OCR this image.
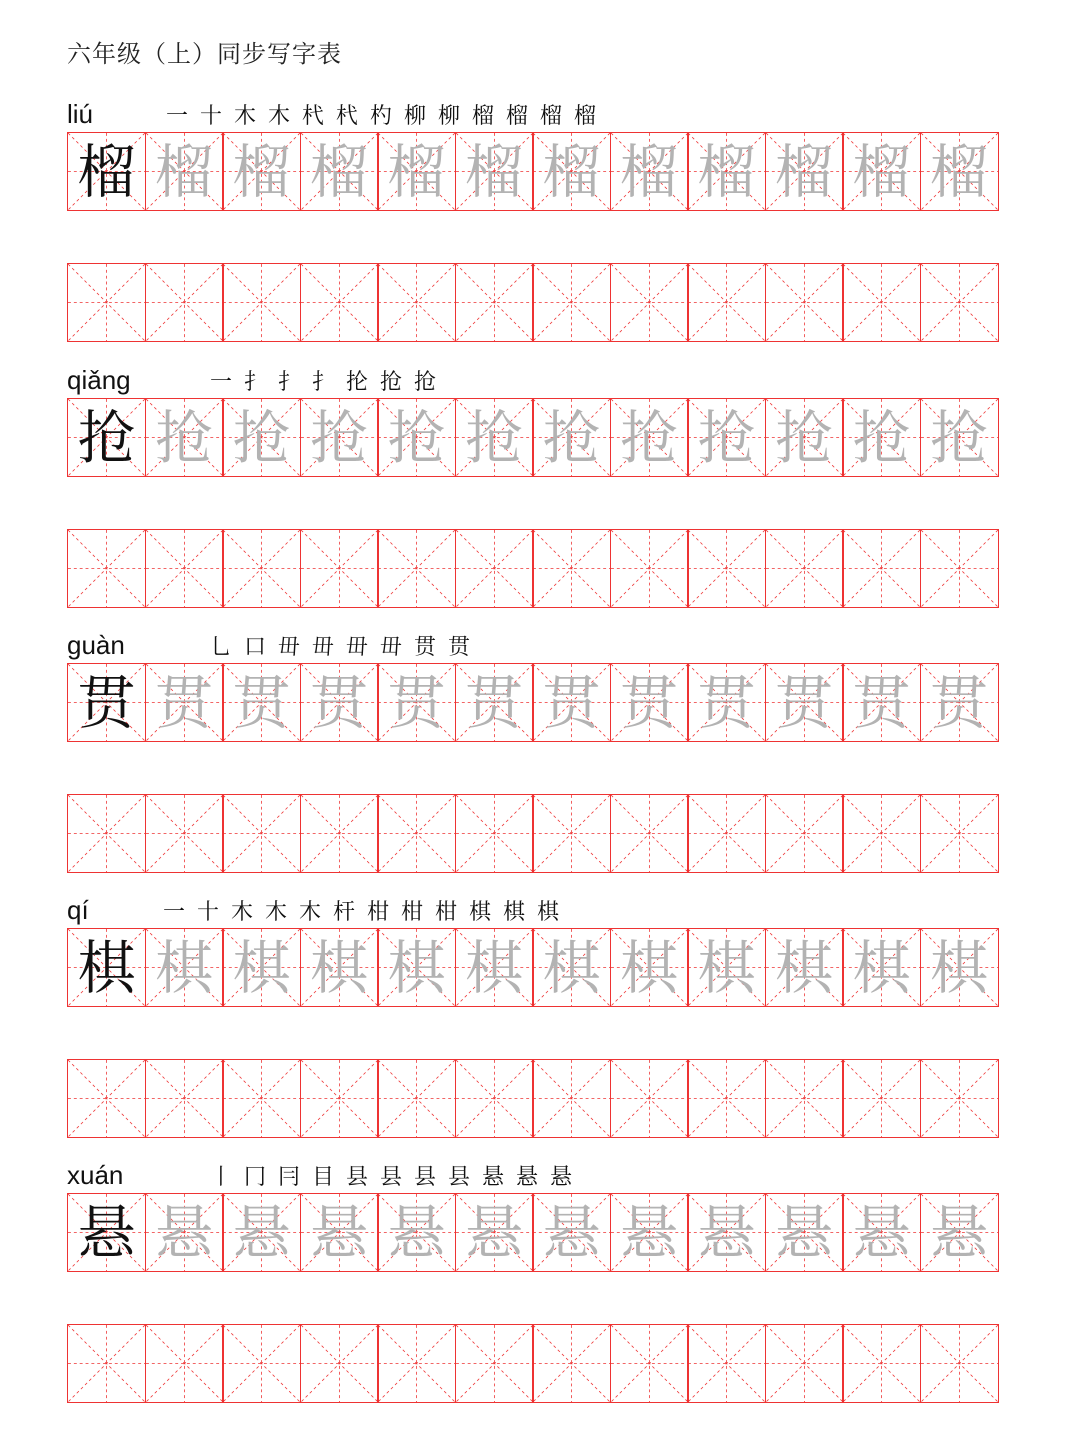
六年级（上）同步写字表
liú	一 十 木 木 杙 杙 杓 柳 柳 榴 榴 榴 榴
榴 榴 榴 榴 榴 榴 榴 榴 榴 榴 榴 榴
qiǎng	一 扌 扌 扌 抡 抢 抢
抢 抢 抢 抢 抢 抢 抢 抢 抢 抢 抢 抢
guàn	乚 口 毌 毌 毌 毌 贯 贯
贯 贯 贯 贯 贯 贯 贯 贯 贯 贯 贯 贯
qí	一 十 木 木 木 杆 柑 柑 柑 棋 棋 棋
棋 棋 棋 棋 棋 棋 棋 棋 棋 棋 棋 棋
xuán	丨 冂 冃 目 县 县 县 县 悬 悬 悬
悬 悬 悬 悬 悬 悬 悬 悬 悬 悬 悬 悬
